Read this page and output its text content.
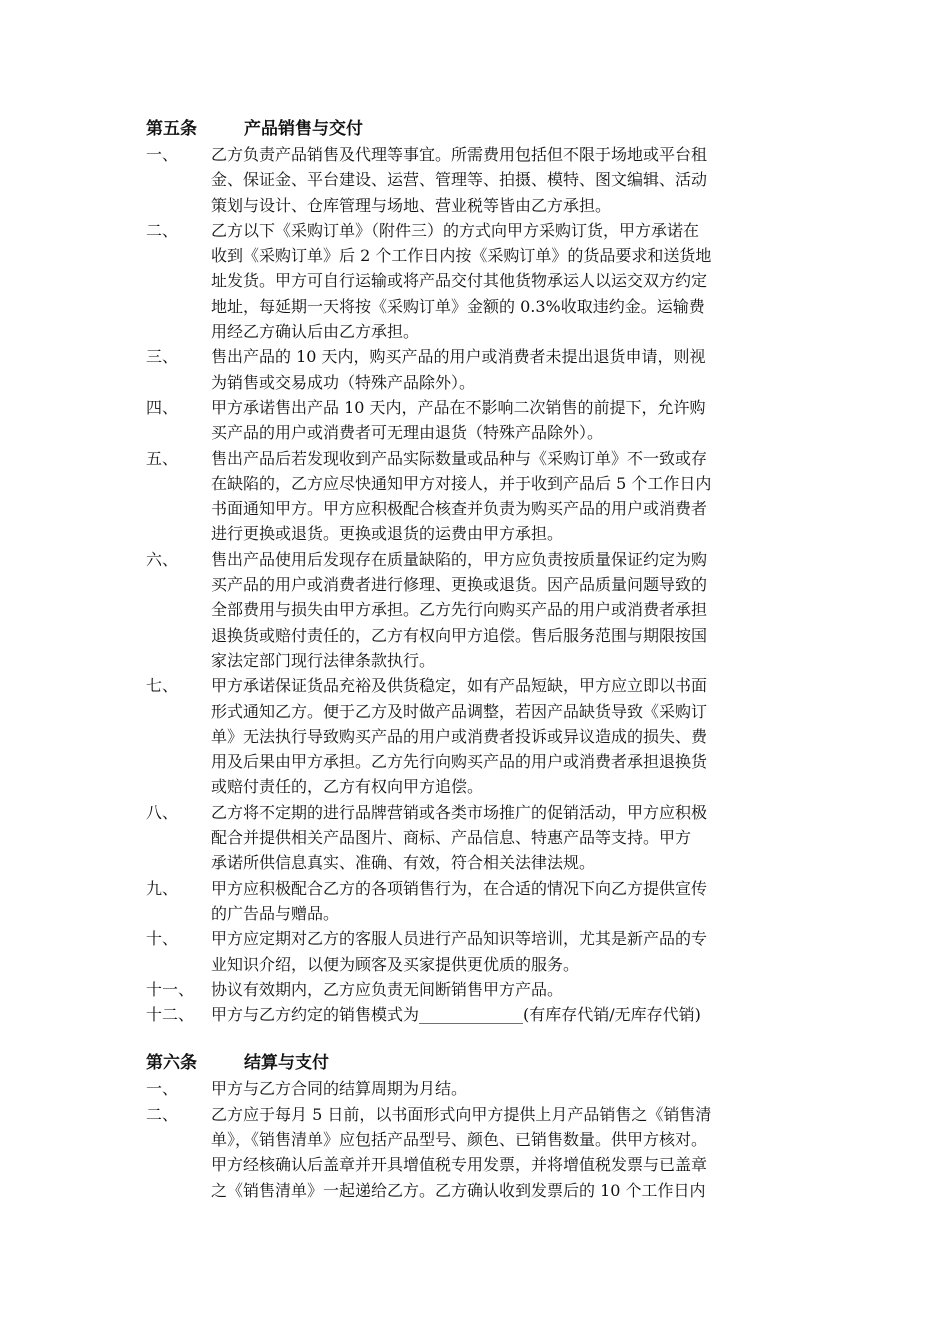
第五条	产品销售与交付
一、	乙方负责产品销售及代理等事宜。所需费用包括但不限于场地或平台租
金、保证金、平台建设、运营、管理等、拍摄、模特、图文编辑、活动
策划与设计、仓库管理与场地、营业税等皆由乙方承担。
二、	乙方以下《采购订单》（附件三）的方式向甲方采购订货，甲方承诺在
收到《采购订单》后 2 个工作日内按《采购订单》的货品要求和送货地
址发货。甲方可自行运输或将产品交付其他货物承运人以运交双方约定
地址，每延期一天将按《采购订单》金额的 0.3%收取违约金。运输费
用经乙方确认后由乙方承担。
三、	售出产品的 10 天内，购买产品的用户或消费者未提出退货申请，则视
为销售或交易成功（特殊产品除外）。
四、	甲方承诺售出产品 10 天内，产品在不影响二次销售的前提下，允许购
买产品的用户或消费者可无理由退货（特殊产品除外）。
五、	售出产品后若发现收到产品实际数量或品种与《采购订单》不一致或存
在缺陷的，乙方应尽快通知甲方对接人，并于收到产品后 5 个工作日内
书面通知甲方。甲方应积极配合核查并负责为购买产品的用户或消费者
进行更换或退货。更换或退货的运费由甲方承担。
六、	售出产品使用后发现存在质量缺陷的，甲方应负责按质量保证约定为购
买产品的用户或消费者进行修理、更换或退货。因产品质量问题导致的
全部费用与损失由甲方承担。乙方先行向购买产品的用户或消费者承担
退换货或赔付责任的，乙方有权向甲方追偿。售后服务范围与期限按国
家法定部门现行法律条款执行。
七、	甲方承诺保证货品充裕及供货稳定，如有产品短缺，甲方应立即以书面
形式通知乙方。便于乙方及时做产品调整，若因产品缺货导致《采购订
单》无法执行导致购买产品的用户或消费者投诉或异议造成的损失、费
用及后果由甲方承担。乙方先行向购买产品的用户或消费者承担退换货
或赔付责任的，乙方有权向甲方追偿。
八、	乙方将不定期的进行品牌营销或各类市场推广的促销活动，甲方应积极
配合并提供相关产品图片、商标、产品信息、特惠产品等支持。甲方
承诺所供信息真实、准确、有效，符合相关法律法规。
九、	甲方应积极配合乙方的各项销售行为，在合适的情况下向乙方提供宣传
的广告品与赠品。
十、	甲方应定期对乙方的客服人员进行产品知识等培训，尤其是新产品的专
业知识介绍，以便为顾客及买家提供更优质的服务。
十一、	协议有效期内，乙方应负责无间断销售甲方产品。
十二、	甲方与乙方约定的销售模式为_____________(有库存代销/无库存代销)
第六条	结算与支付
一、	甲方与乙方合同的结算周期为月结。
二、	乙方应于每月 5 日前，以书面形式向甲方提供上月产品销售之《销售清
单》，《销售清单》应包括产品型号、颜色、已销售数量。供甲方核对。
甲方经核确认后盖章并开具增值税专用发票，并将增值税发票与已盖章
之《销售清单》一起递给乙方。乙方确认收到发票后的 10 个工作日内
